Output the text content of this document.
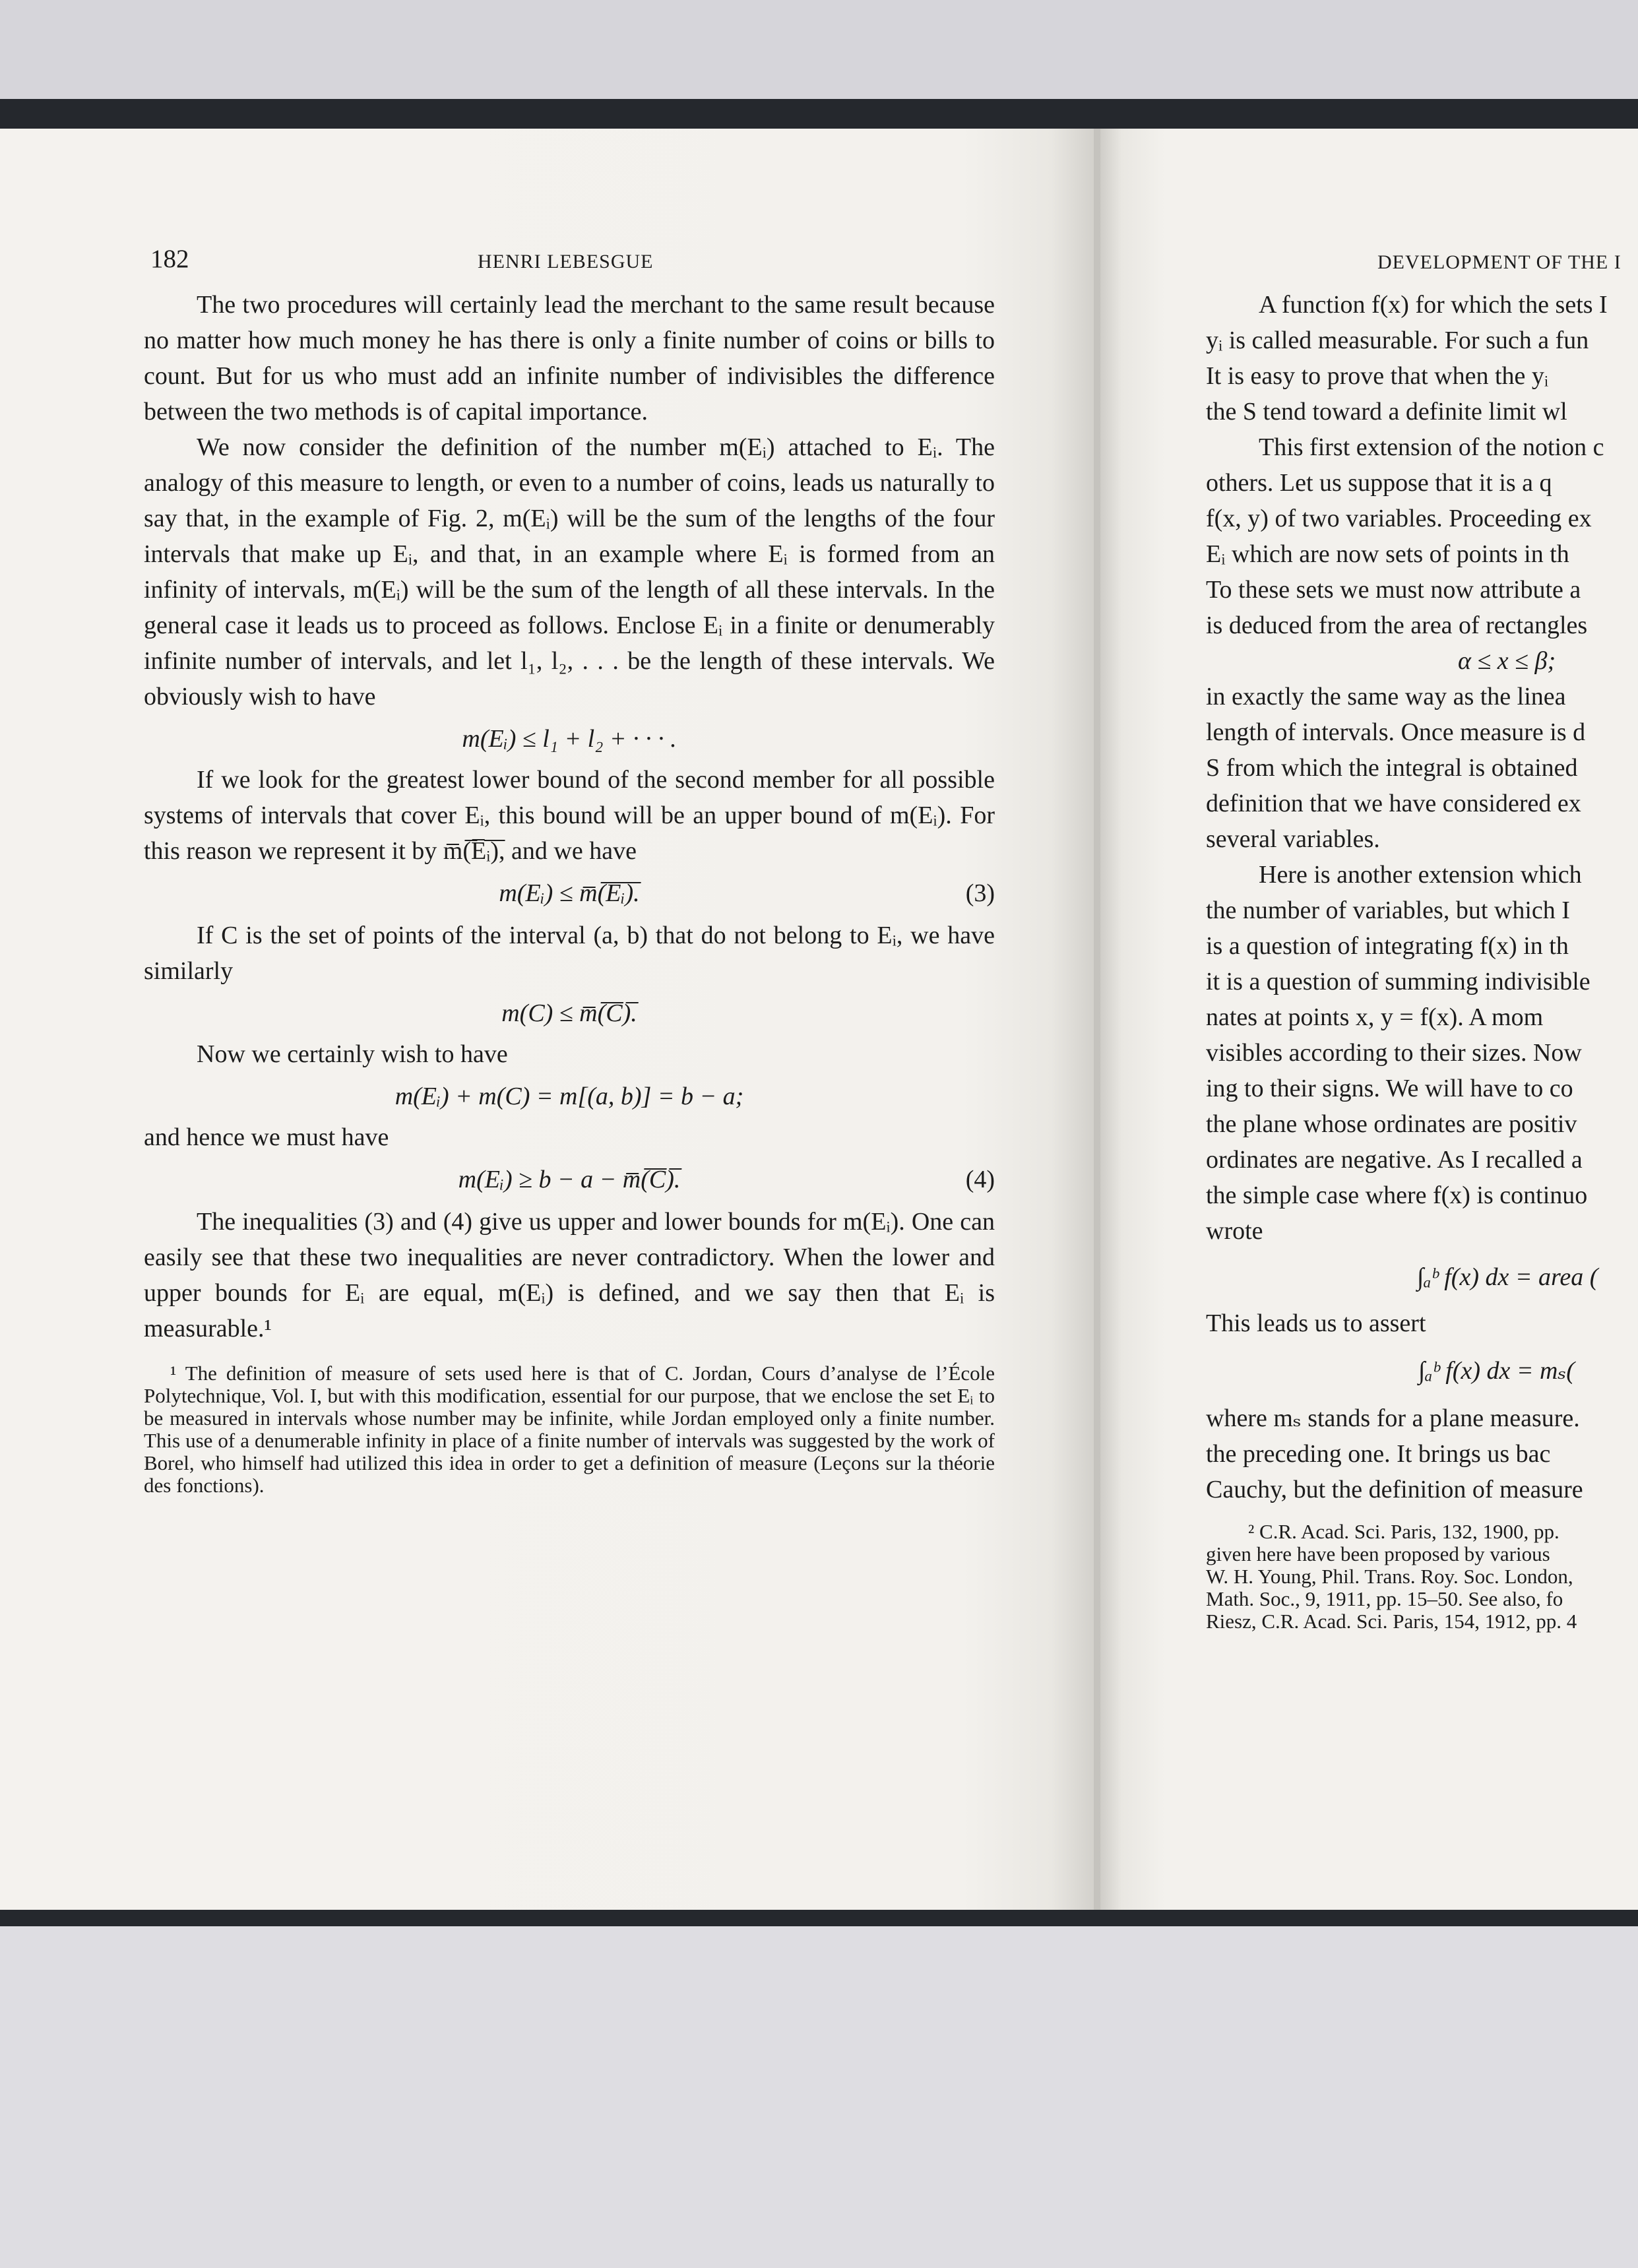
182	HENRI LEBESGUE

The two procedures will certainly lead the merchant to the same result because no matter how much money he has there is only a finite number of coins or bills to count. But for us who must add an infinite number of indivisibles the difference between the two methods is of capital importance.

We now consider the definition of the number m(Eᵢ) attached to Eᵢ. The analogy of this measure to length, or even to a number of coins, leads us naturally to say that, in the example of Fig. 2, m(Eᵢ) will be the sum of the lengths of the four intervals that make up Eᵢ, and that, in an example where Eᵢ is formed from an infinity of intervals, m(Eᵢ) will be the sum of the length of all these intervals. In the general case it leads us to proceed as follows. Enclose Eᵢ in a finite or denumerably infinite number of intervals, and let l₁, l₂, . . . be the length of these intervals. We obviously wish to have

m(Eᵢ) ≤ l₁ + l₂ + · · · .

If we look for the greatest lower bound of the second member for all possible systems of intervals that cover Eᵢ, this bound will be an upper bound of m(Eᵢ). For this reason we represent it by m̅(̅E̅ᵢ̅)̅, and we have

m(Eᵢ) ≤ m̅(̅E̅ᵢ̅)̅.	(3)

If C is the set of points of the interval (a, b) that do not belong to Eᵢ, we have similarly

m(C) ≤ m̅(̅C̅)̅.

Now we certainly wish to have

m(Eᵢ) + m(C) = m[(a, b)] = b − a;

and hence we must have

m(Eᵢ) ≥ b − a − m̅(̅C̅)̅.	(4)

The inequalities (3) and (4) give us upper and lower bounds for m(Eᵢ). One can easily see that these two inequalities are never contradictory. When the lower and upper bounds for Eᵢ are equal, m(Eᵢ) is defined, and we say then that Eᵢ is measurable.¹

¹ The definition of measure of sets used here is that of C. Jordan, Cours d’analyse de l’École Polytechnique, Vol. I, but with this modification, essential for our purpose, that we enclose the set Eᵢ to be measured in intervals whose number may be infinite, while Jordan employed only a finite number. This use of a denumerable infinity in place of a finite number of intervals was suggested by the work of Borel, who himself had utilized this idea in order to get a definition of measure (Leçons sur la théorie des fonctions).

DEVELOPMENT OF THE I

A function f(x) for which the sets I

yᵢ is called measurable. For such a fun

It is easy to prove that when the yᵢ

the S tend toward a definite limit wl

This first extension of the notion c

others. Let us suppose that it is a q

f(x, y) of two variables. Proceeding ex

Eᵢ which are now sets of points in th

To these sets we must now attribute a

is deduced from the area of rectangles

α ≤ x ≤ β;

in exactly the same way as the linea

length of intervals. Once measure is d

S from which the integral is obtained

definition that we have considered ex

several variables.

Here is another extension which

the number of variables, but which I

is a question of integrating f(x) in th

it is a question of summing indivisible

nates at points x, y = f(x). A mom

visibles according to their sizes. Now

ing to their signs. We will have to co

the plane whose ordinates are positiv

ordinates are negative. As I recalled a

the simple case where f(x) is continuo

wrote

∫ₐᵇ f(x) dx = area (

This leads us to assert

∫ₐᵇ f(x) dx = mₛ(

where mₛ stands for a plane measure.

the preceding one. It brings us bac

Cauchy, but the definition of measure

² C.R. Acad. Sci. Paris, 132, 1900, pp.

given here have been proposed by various

W. H. Young, Phil. Trans. Roy. Soc. London,

Math. Soc., 9, 1911, pp. 15–50. See also, fo

Riesz, C.R. Acad. Sci. Paris, 154, 1912, pp. 4
